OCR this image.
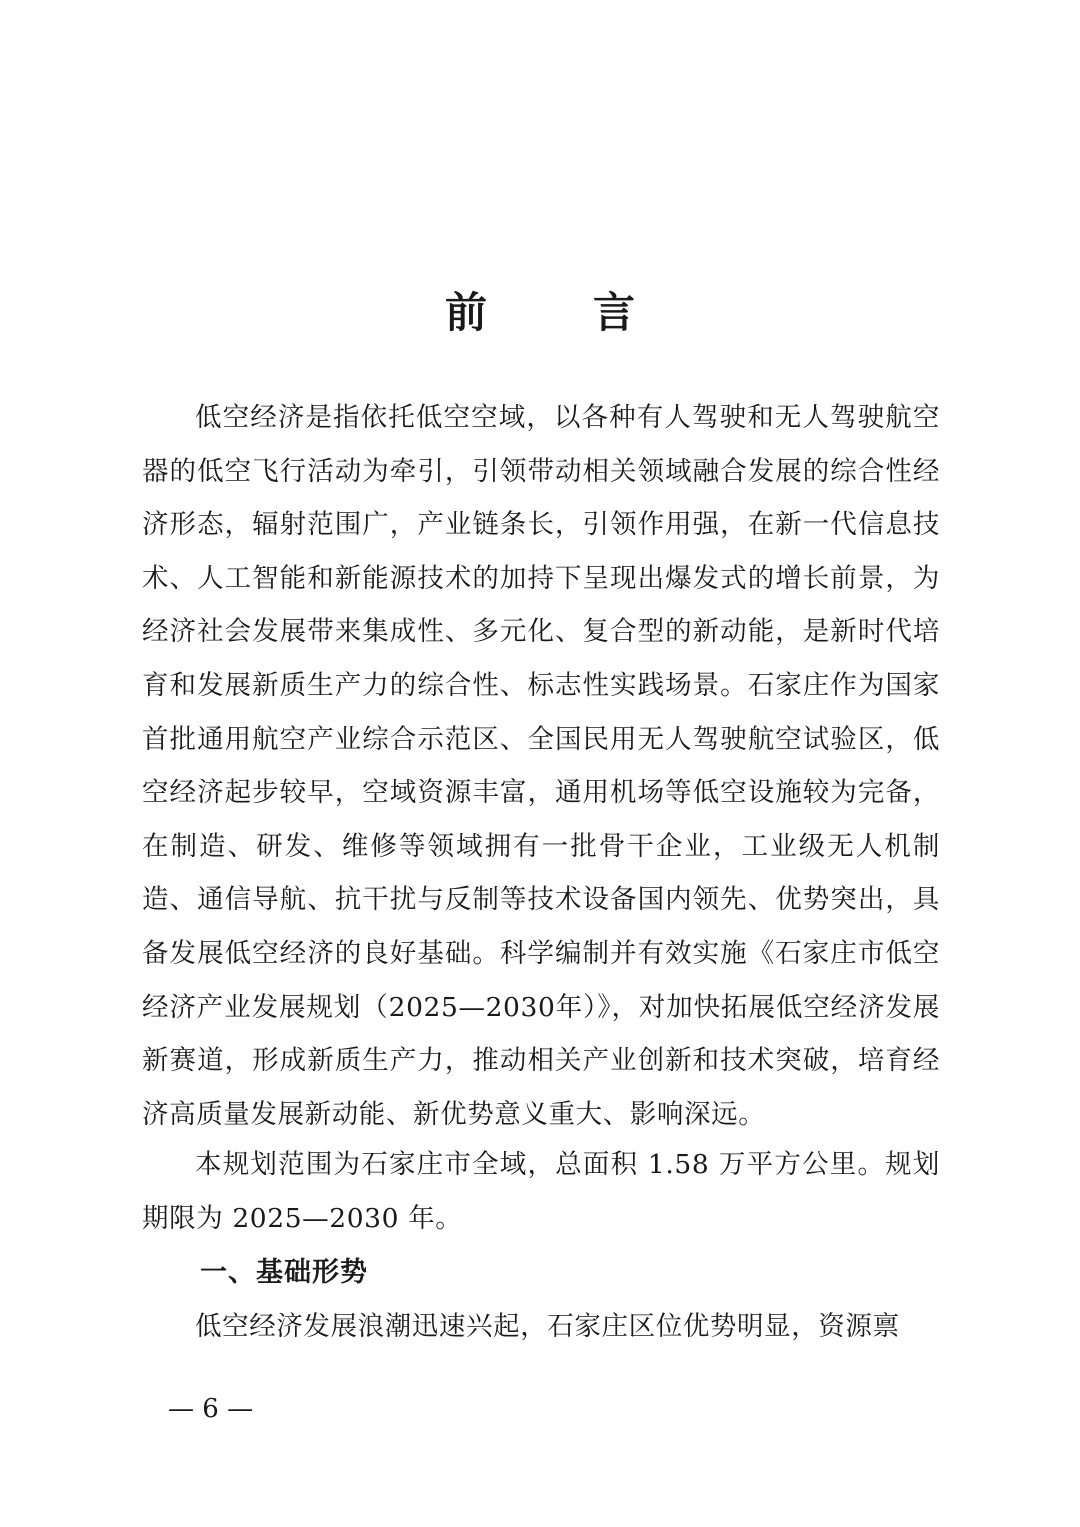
前	言

低空经济是指依托低空空域，以各种有人驾驶和无人驾驶航空器的低空飞行活动为牵引，引领带动相关领域融合发展的综合性经济形态，辐射范围广，产业链条长，引领作用强，在新一代信息技术、人工智能和新能源技术的加持下呈现出爆发式的增长前景，为经济社会发展带来集成性、多元化、复合型的新动能，是新时代培育和发展新质生产力的综合性、标志性实践场景。石家庄作为国家首批通用航空产业综合示范区、全国民用无人驾驶航空试验区，低空经济起步较早，空域资源丰富，通用机场等低空设施较为完备，在制造、研发、维修等领域拥有一批骨干企业，工业级无人机制造、通信导航、抗干扰与反制等技术设备国内领先、优势突出，具备发展低空经济的良好基础。科学编制并有效实施《石家庄市低空经济产业发展规划（2025—2030年）》，对加快拓展低空经济发展新赛道，形成新质生产力，推动相关产业创新和技术突破，培育经济高质量发展新动能、新优势意义重大、影响深远。

本规划范围为石家庄市全域，总面积 1.58 万平方公里。规划期限为 2025—2030 年。

一、基础形势

低空经济发展浪潮迅速兴起，石家庄区位优势明显，资源禀

— 6 —
